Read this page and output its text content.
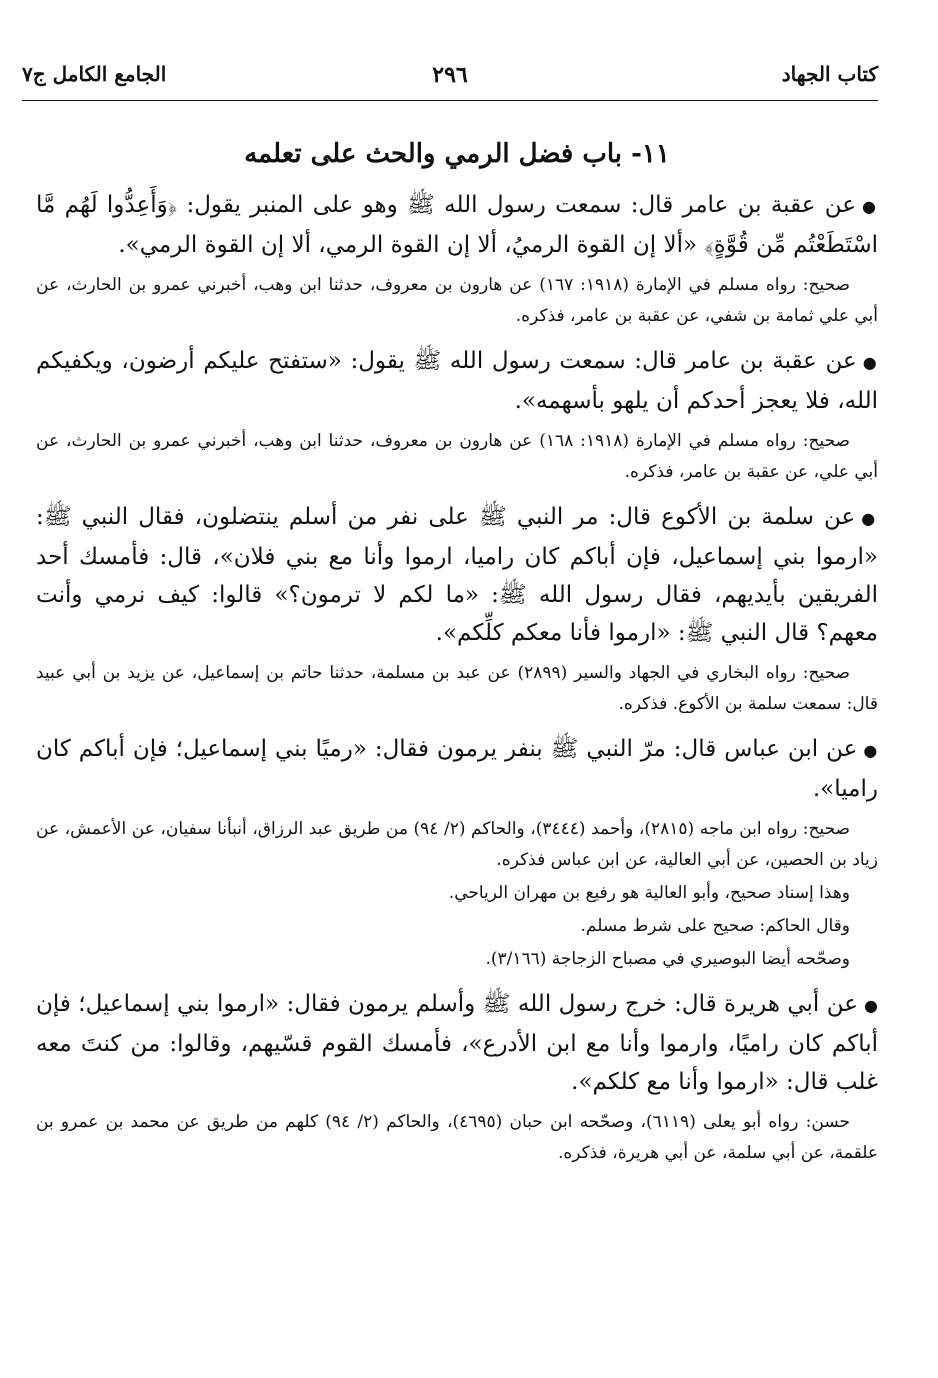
كتاب الجهاد
٢٩٦
الجامع الكامل ج٧
١١- باب فضل الرمي والحث على تعلمه

●عن عقبة بن عامر قال: سمعت رسول الله ﷺ وهو على المنبر يقول: ﴿وَأَعِدُّوا لَهُم مَّا اسْتَطَعْتُم مِّن قُوَّةٍ﴾ «ألا إن القوة الرميُ، ألا إن القوة الرمي، ألا إن القوة الرمي».

صحيح: رواه مسلم في الإمارة (١٩١٨: ١٦٧) عن هارون بن معروف، حدثنا ابن وهب، أخبرني عمرو بن الحارث، عن أبي علي ثمامة بن شفي، عن عقبة بن عامر، فذكره.

●عن عقبة بن عامر قال: سمعت رسول الله ﷺ يقول: «ستفتح عليكم أرضون، ويكفيكم الله، فلا يعجز أحدكم أن يلهو بأسهمه».

صحيح: رواه مسلم في الإمارة (١٩١٨: ١٦٨) عن هارون بن معروف، حدثنا ابن وهب، أخبرني عمرو بن الحارث، عن أبي علي، عن عقبة بن عامر، فذكره.

●عن سلمة بن الأكوع قال: مر النبي ﷺ على نفر من أسلم ينتضلون، فقال النبي ﷺ: «ارموا بني إسماعيل، فإن أباكم كان راميا، ارموا وأنا مع بني فلان»، قال: فأمسك أحد الفريقين بأيديهم، فقال رسول الله ﷺ: «ما لكم لا ترمون؟» قالوا: كيف نرمي وأنت معهم؟ قال النبي ﷺ: «ارموا فأنا معكم كلِّكم».

صحيح: رواه البخاري في الجهاد والسير (٢٨٩٩) عن عبد بن مسلمة، حدثنا حاتم بن إسماعيل، عن يزيد بن أبي عبيد قال: سمعت سلمة بن الأكوع. فذكره.

●عن ابن عباس قال: مرّ النبي ﷺ بنفر يرمون فقال: «رميًا بني إسماعيل؛ فإن أباكم كان راميا».

صحيح: رواه ابن ماجه (٢٨١٥)، وأحمد (٣٤٤٤)، والحاكم (٢/ ٩٤) من طريق عبد الرزاق، أنبأنا سفيان، عن الأعمش، عن زياد بن الحصين، عن أبي العالية، عن ابن عباس فذكره.

وهذا إسناد صحيح، وأبو العالية هو رفيع بن مهران الرياحي.

وقال الحاكم: صحيح على شرط مسلم.

وصحّحه أيضا البوصيري في مصباح الزجاجة (٣/١٦٦).

●عن أبي هريرة قال: خرج رسول الله ﷺ وأسلم يرمون فقال: «ارموا بني إسماعيل؛ فإن أباكم كان راميًا، وارموا وأنا مع ابن الأدرع»، فأمسك القوم قسّيهم، وقالوا: من كنتَ معه غلب قال: «ارموا وأنا مع كلكم».

حسن: رواه أبو يعلى (٦١١٩)، وصحّحه ابن حبان (٤٦٩٥)، والحاكم (٢/ ٩٤) كلهم من طريق عن محمد بن عمرو بن علقمة، عن أبي سلمة، عن أبي هريرة، فذكره.
